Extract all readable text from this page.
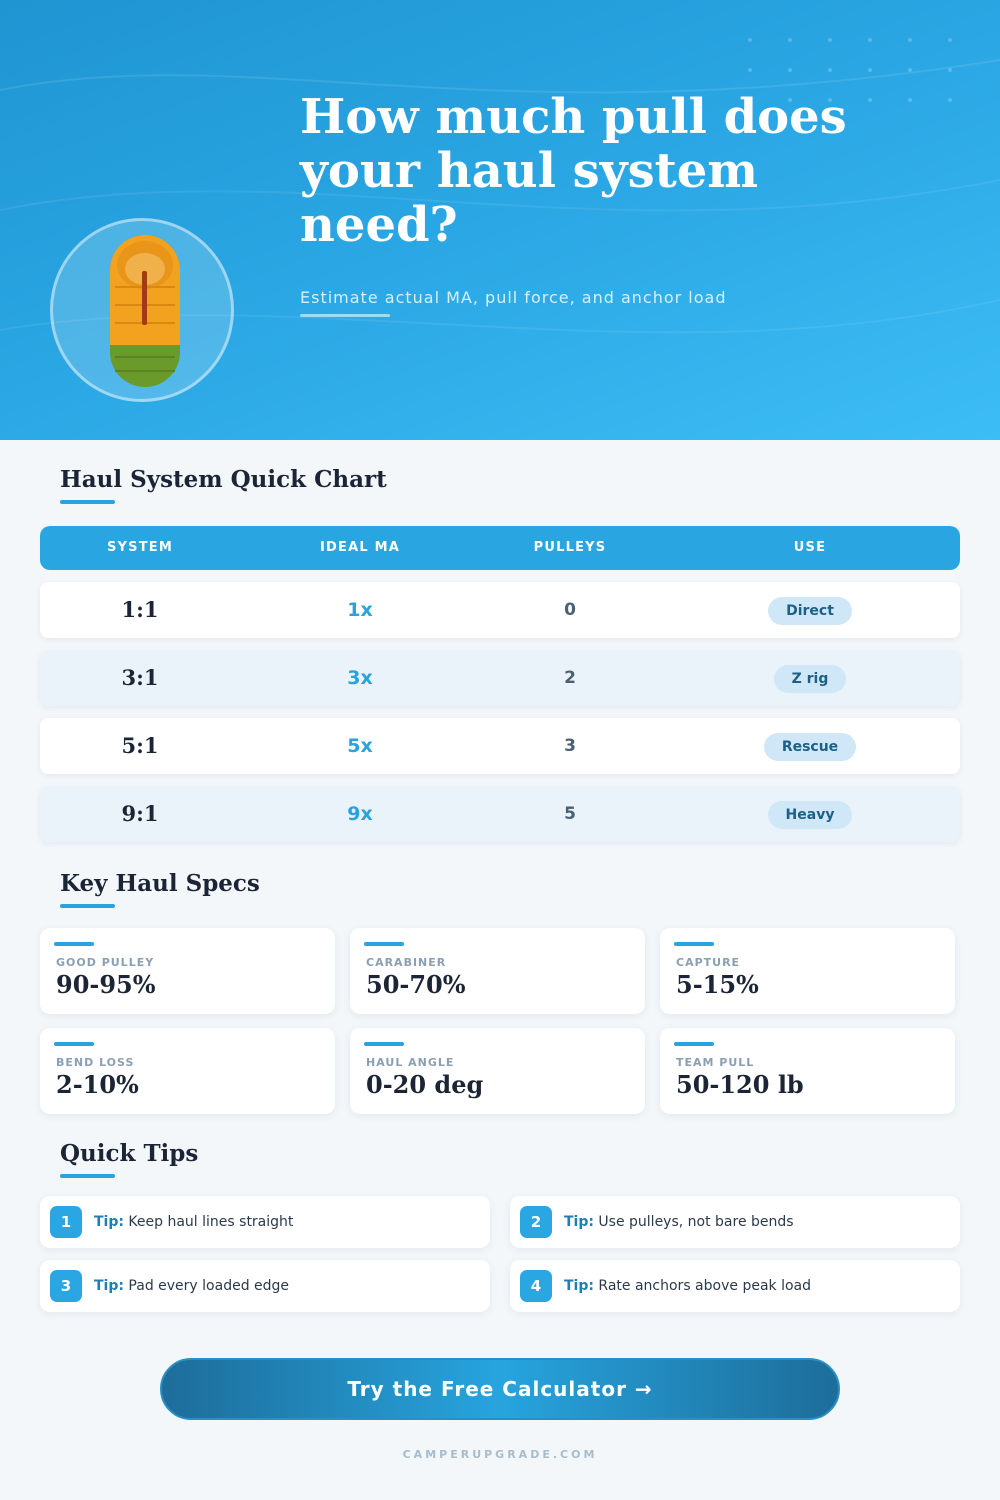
How much pull does your haul system need?
Estimate actual MA, pull force, and anchor load
Haul System Quick Chart
SYSTEM	IDEAL MA	PULLEYS	USE
1:1	1x	0	Direct
3:1	3x	2	Z rig
5:1	5x	3	Rescue
9:1	9x	5	Heavy
Key Haul Specs
GOOD PULLEY
90-95%
CARABINER
50-70%
CAPTURE
5-15%
BEND LOSS
2-10%
HAUL ANGLE
0-20 deg
TEAM PULL
50-120 lb
Quick Tips
1	Tip: Keep haul lines straight	2	Tip: Use pulleys, not bare bends
3	Tip: Pad every loaded edge	4	Tip: Rate anchors above peak load
Try the Free Calculator →
CAMPERUPGRADE.COM
